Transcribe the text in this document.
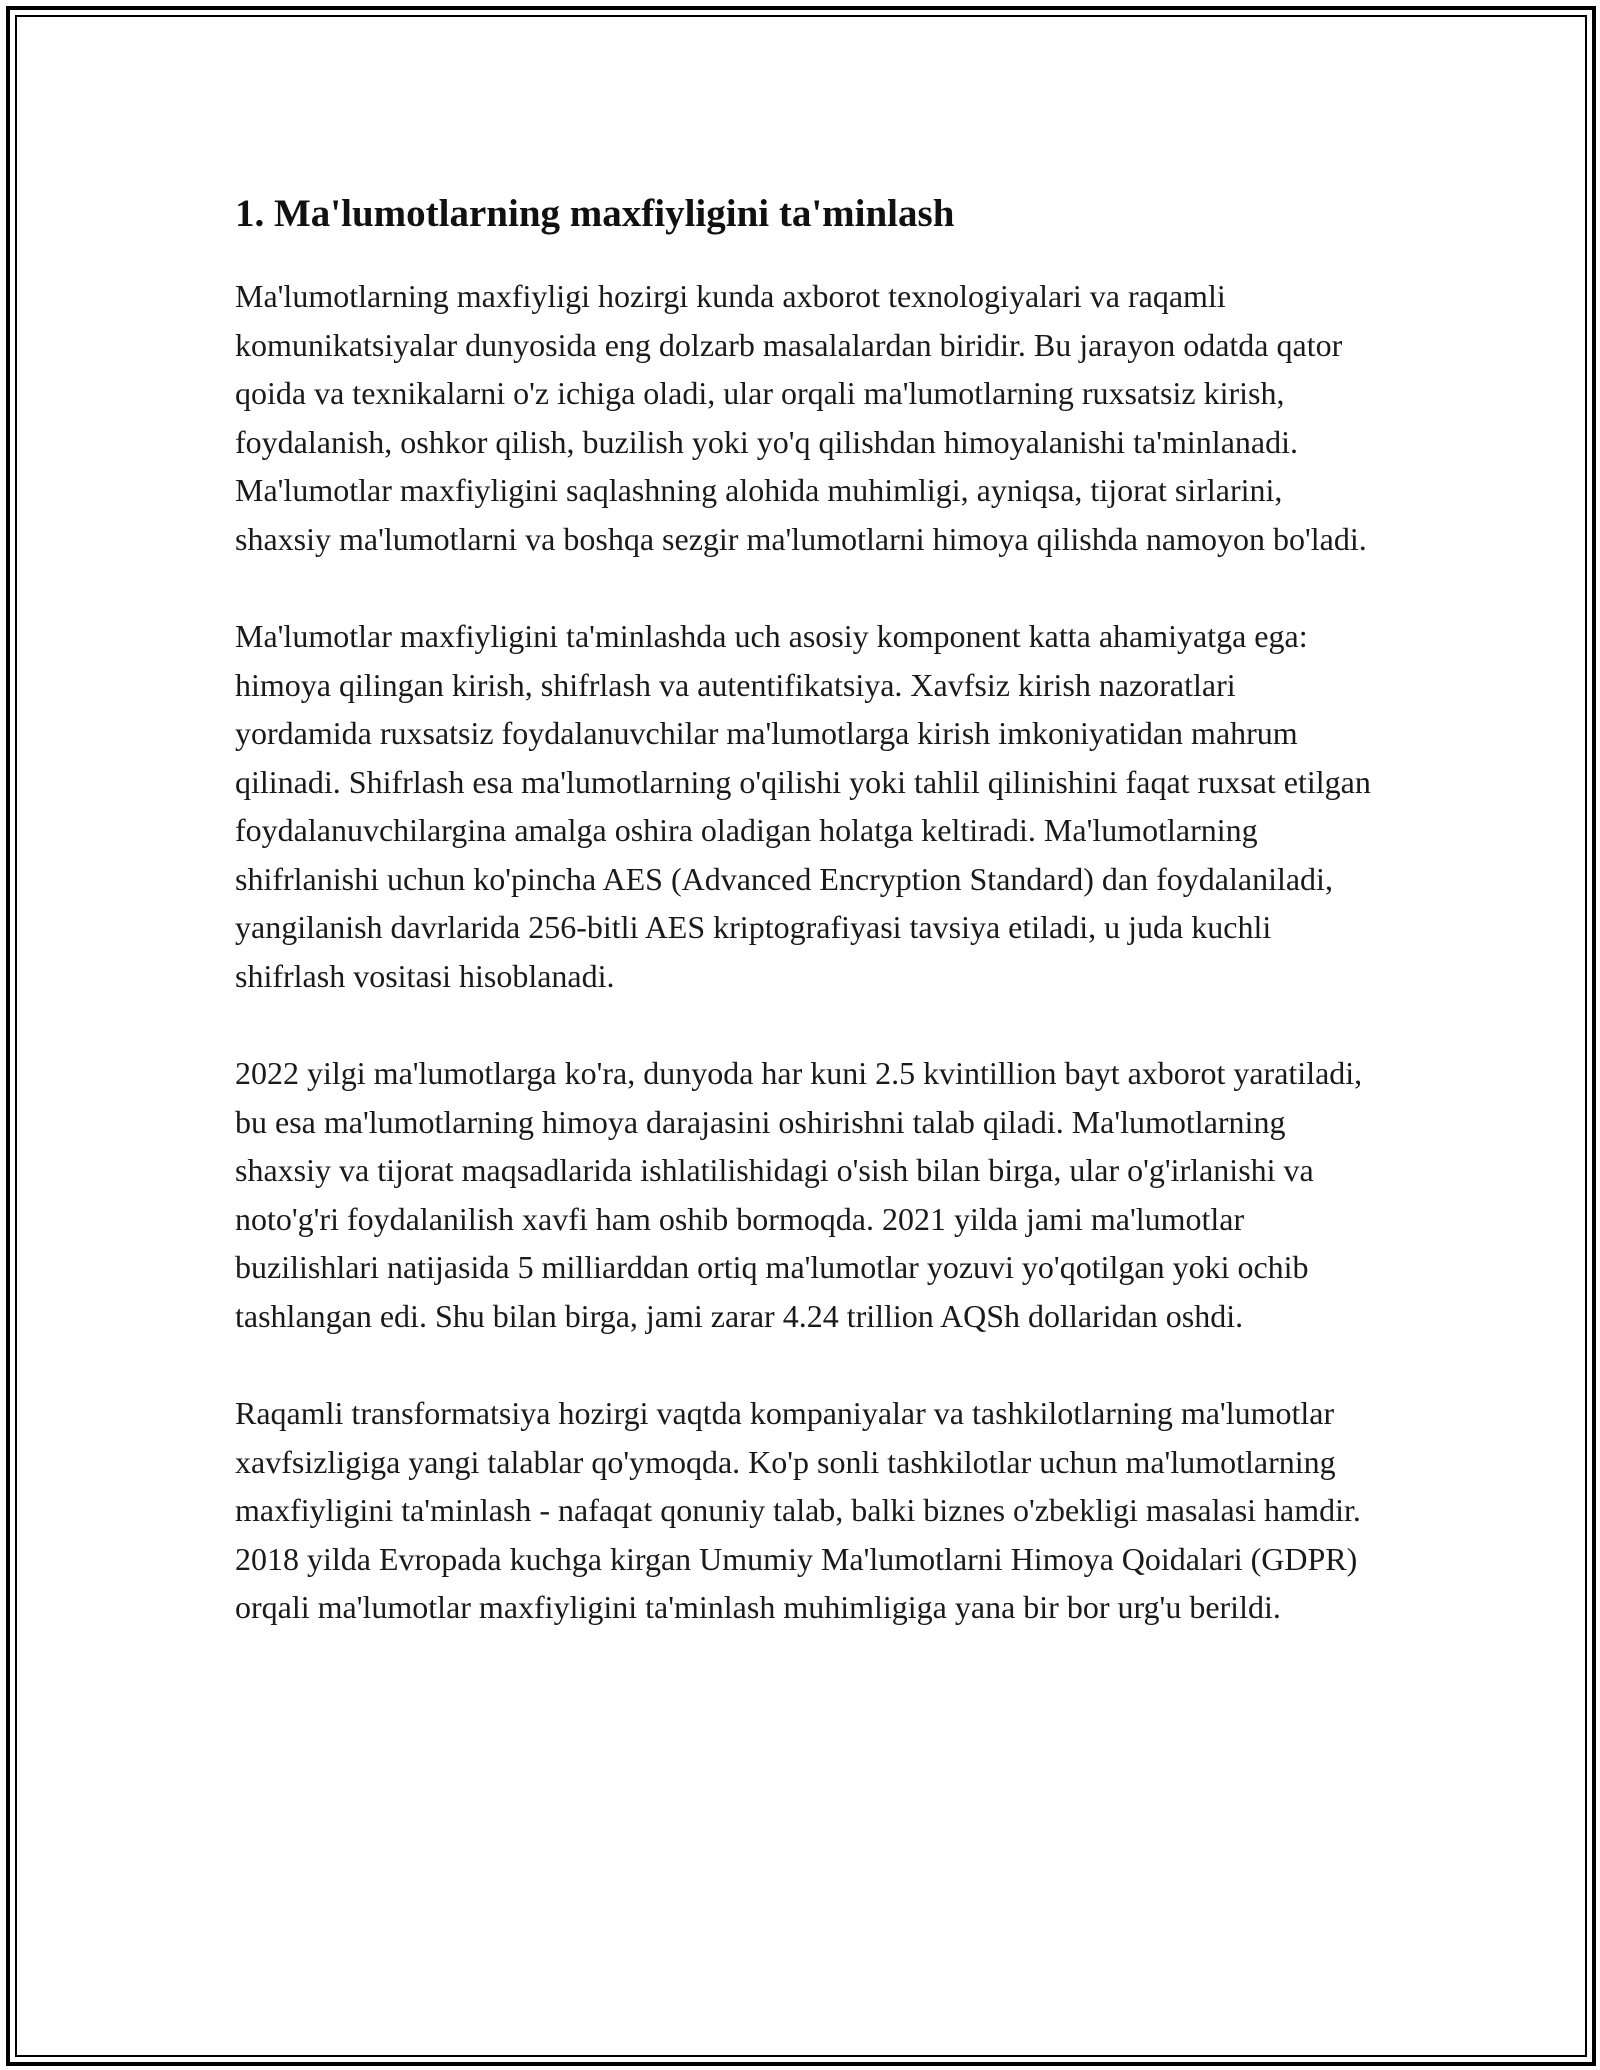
1. Ma'lumotlarning maxfiyligini ta'minlash

Ma'lumotlarning maxfiyligi hozirgi kunda axborot texnologiyalari va raqamli komunikatsiyalar dunyosida eng dolzarb masalalardan biridir. Bu jarayon odatda qator qoida va texnikalarni o'z ichiga oladi, ular orqali ma'lumotlarning ruxsatsiz kirish, foydalanish, oshkor qilish, buzilish yoki yo'q qilishdan himoyalanishi ta'minlanadi. Ma'lumotlar maxfiyligini saqlashning alohida muhimligi, ayniqsa, tijorat sirlarini, shaxsiy ma'lumotlarni va boshqa sezgir ma'lumotlarni himoya qilishda namoyon bo'ladi.

Ma'lumotlar maxfiyligini ta'minlashda uch asosiy komponent katta ahamiyatga ega: himoya qilingan kirish, shifrlash va autentifikatsiya. Xavfsiz kirish nazoratlari yordamida ruxsatsiz foydalanuvchilar ma'lumotlarga kirish imkoniyatidan mahrum qilinadi. Shifrlash esa ma'lumotlarning o'qilishi yoki tahlil qilinishini faqat ruxsat etilgan foydalanuvchilargina amalga oshira oladigan holatga keltiradi. Ma'lumotlarning shifrlanishi uchun ko'pincha AES (Advanced Encryption Standard) dan foydalaniladi, yangilanish davrlarida 256-bitli AES kriptografiyasi tavsiya etiladi, u juda kuchli shifrlash vositasi hisoblanadi.

2022 yilgi ma'lumotlarga ko'ra, dunyoda har kuni 2.5 kvintillion bayt axborot yaratiladi, bu esa ma'lumotlarning himoya darajasini oshirishni talab qiladi. Ma'lumotlarning shaxsiy va tijorat maqsadlarida ishlatilishidagi o'sish bilan birga, ular o'g'irlanishi va noto'g'ri foydalanilish xavfi ham oshib bormoqda. 2021 yilda jami ma'lumotlar buzilishlari natijasida 5 milliarddan ortiq ma'lumotlar yozuvi yo'qotilgan yoki ochib tashlangan edi. Shu bilan birga, jami zarar 4.24 trillion AQSh dollaridan oshdi.

Raqamli transformatsiya hozirgi vaqtda kompaniyalar va tashkilotlarning ma'lumotlar xavfsizligiga yangi talablar qo'ymoqda. Ko'p sonli tashkilotlar uchun ma'lumotlarning maxfiyligini ta'minlash - nafaqat qonuniy talab, balki biznes o'zbekligi masalasi hamdir. 2018 yilda Evropada kuchga kirgan Umumiy Ma'lumotlarni Himoya Qoidalari (GDPR) orqali ma'lumotlar maxfiyligini ta'minlash muhimligiga yana bir bor urg'u berildi.
